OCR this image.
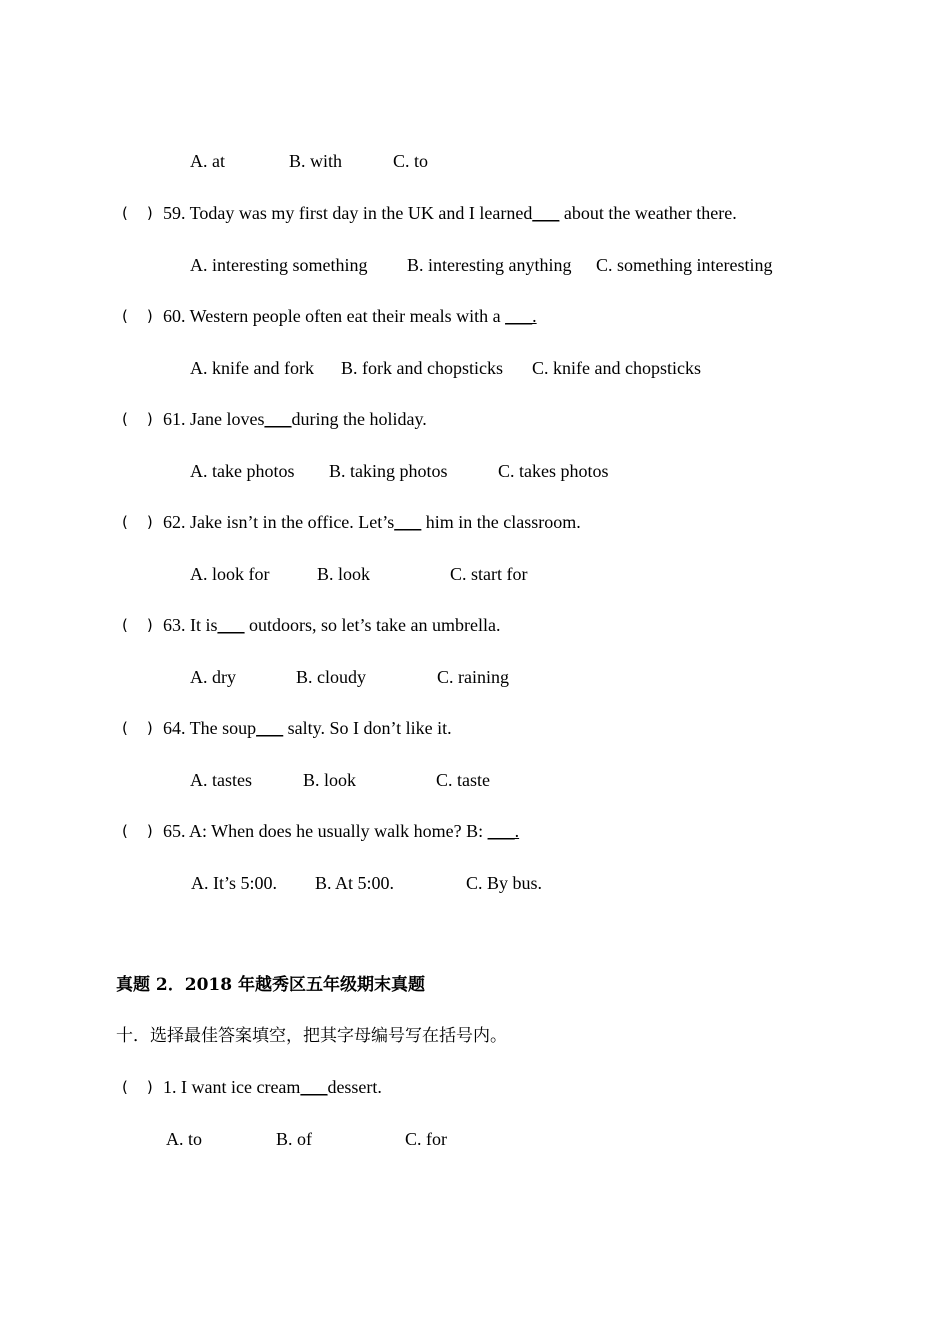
A. at	B. with	C. to
(    ) 59. Today was my first day in the UK and I learned___ about the weather there.
A. interesting something B. interesting anything C. something interesting
(    ) 60. Western people often eat their meals with a ___.
A. knife and fork B. fork and chopsticks C. knife and chopsticks
(    ) 61. Jane loves___during the holiday.
A. take photos B. taking photos	C. takes photos
(    ) 62. Jake isn’t in the office. Let’s___ him in the classroom.
A. look for	B. look	C. start for
(    ) 63. It is___ outdoors, so let’s take an umbrella.
A. dry	B. cloudy	C. raining
(    ) 64. The soup___ salty. So I don’t like it.
A. tastes	B. look	C. taste
(    ) 65. A: When does he usually walk home? B: ___.
A. It’s 5:00. B. At 5:00.	C. By bus.
真题 2．2018 年越秀区五年级期末真题
十．选择最佳答案填空，把其字母编号写在括号内。
(    ) 1. I want ice cream___dessert.
A. to	B. of	C. for
